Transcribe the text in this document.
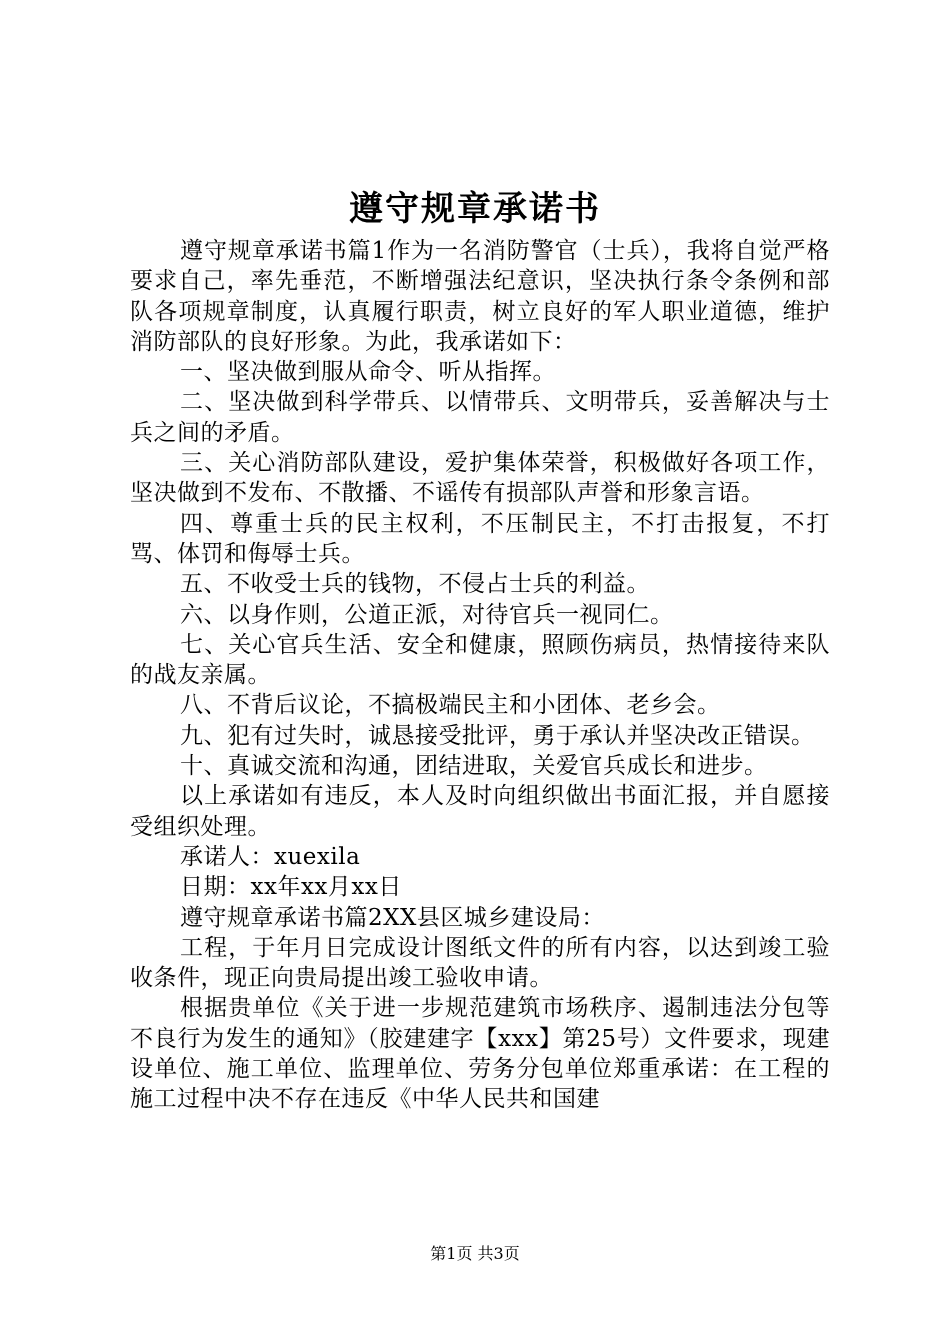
遵守规章承诺书

遵守规章承诺书篇1作为一名消防警官（士兵），我将自觉严格要求自己，率先垂范，不断增强法纪意识，坚决执行条令条例和部队各项规章制度，认真履行职责，树立良好的军人职业道德，维护消防部队的良好形象。为此，我承诺如下：

一、坚决做到服从命令、听从指挥。

二、坚决做到科学带兵、以情带兵、文明带兵，妥善解决与士兵之间的矛盾。

三、关心消防部队建设，爱护集体荣誉，积极做好各项工作，坚决做到不发布、不散播、不谣传有损部队声誉和形象言语。

四、尊重士兵的民主权利，不压制民主，不打击报复，不打骂、体罚和侮辱士兵。

五、不收受士兵的钱物，不侵占士兵的利益。

六、以身作则，公道正派，对待官兵一视同仁。

七、关心官兵生活、安全和健康，照顾伤病员，热情接待来队的战友亲属。

八、不背后议论，不搞极端民主和小团体、老乡会。

九、犯有过失时，诚恳接受批评，勇于承认并坚决改正错误。

十、真诚交流和沟通，团结进取，关爱官兵成长和进步。

以上承诺如有违反，本人及时向组织做出书面汇报，并自愿接受组织处理。

承诺人：xuexila

日期：xx年xx月xx日

遵守规章承诺书篇2XX县区城乡建设局：

工程，于年月日完成设计图纸文件的所有内容，以达到竣工验收条件，现正向贵局提出竣工验收申请。

根据贵单位《关于进一步规范建筑市场秩序、遏制违法分包等不良行为发生的通知》（胶建建字【xxx】第25号）文件要求，现建设单位、施工单位、监理单位、劳务分包单位郑重承诺：在工程的施工过程中决不存在违反《中华人民共和国建

第1页 共3页
